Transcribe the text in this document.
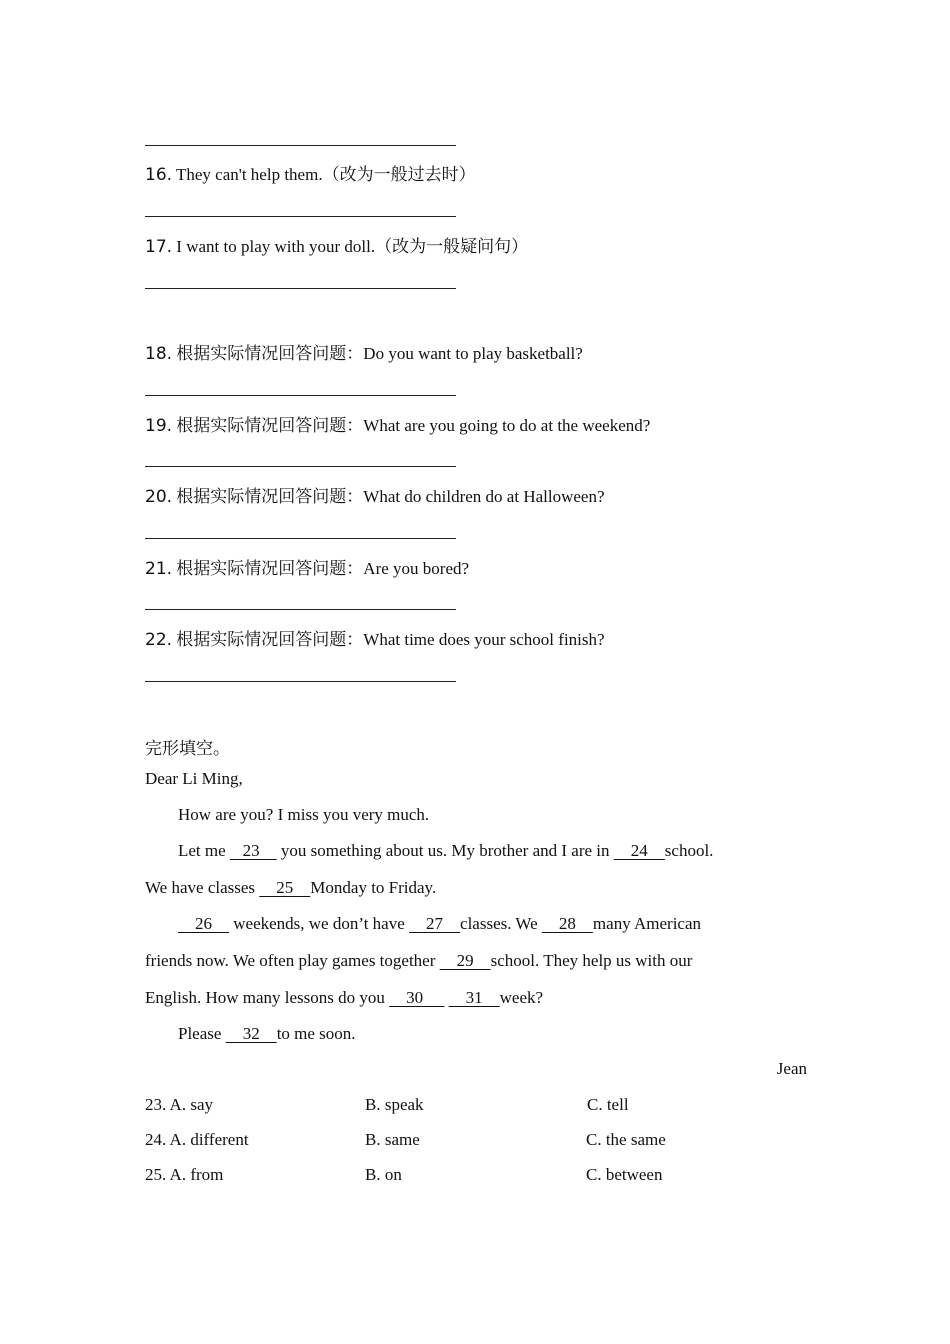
16. They can't help them.（改为一般过去时）
17. I want to play with your doll.（改为一般疑问句）
18. 根据实际情况回答问题：Do you want to play basketball?
19. 根据实际情况回答问题：What are you going to do at the weekend?
20. 根据实际情况回答问题：What do children do at Halloween?
21. 根据实际情况回答问题：Are you bored?
22. 根据实际情况回答问题：What time does your school finish?
完形填空。
Dear Li Ming,
How are you? I miss you very much.
Let me    23     you something about us. My brother and I are in     24    school.
We have classes     25    Monday to Friday.
26     weekends, we don’t have     27    classes. We     28    many American
friends now. We often play games together     29    school. They help us with our
English. How many lessons do you     30          31    week?
Please     32    to me soon.
Jean
23. A. say	B. speak	C. tell
24. A. different	B. same	C. the same
25. A. from	B. on	C. between
